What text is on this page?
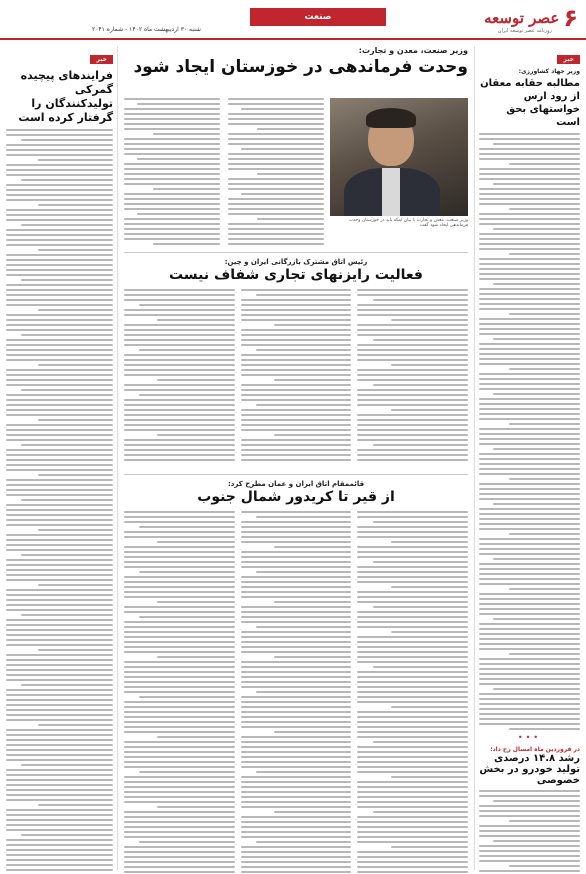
۶
عصر توسعه
روزنامه عصر توسعه ایران
صنعت
شنبه ۳۰ اردیبهشت ماه ۱۴۰۲ - شماره ۲۰۴۱
خبر
وزیر جهاد کشاورزی:
مطالبه حقابه معقان از رود ارس خواستهای بحق است
•••
در فروردین ماه امسال رخ داد؛
رشد ۱۴.۸ درصدی تولید خودرو در بخش خصوصی
وزیر صنعت، معدن و تجارت:
وحدت فرماندهی در خوزستان ایجاد شود
وزیر صنعت، معدن و تجارت با بیان اینکه باید در خوزستان وحدت فرماندهی ایجاد شود گفت
رئیس اتاق مشترک بازرگانی ایران و چین:
فعالیت رایزنهای تجاری شفاف نیست
قائممقام اتاق ایران و عمان مطرح کرد:
از قیر تا کریدور شمال جنوب
خبر
فرایندهای پیچیده گمرکی تولیدکنندگان را گرفتار کرده است
